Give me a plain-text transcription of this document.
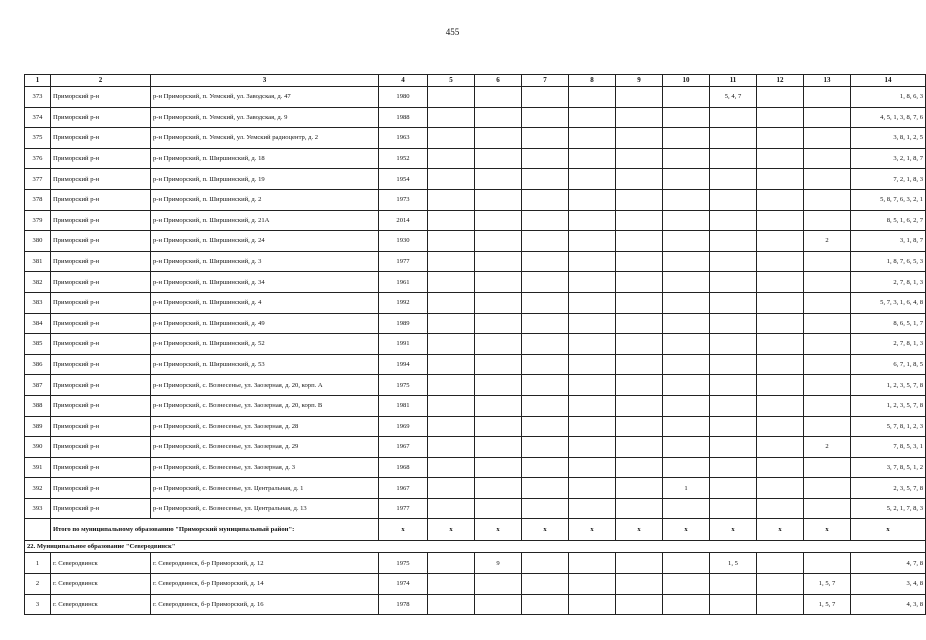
455
1	2	3	4	5	6	7	8	9	10	11	12	13	14
373	Приморский р-н	р-н Приморский, п. Уемский, ул. Заводская, д. 47	1980							5, 4, 7			1, 8, 6, 3
374	Приморский р-н	р-н Приморский, п. Уемский, ул. Заводская, д. 9	1988										4, 5, 1, 3, 8, 7, 6
375	Приморский р-н	р-н Приморский, п. Уемский, ул. Уемский радиоцентр, д. 2	1963										3, 8, 1, 2, 5
376	Приморский р-н	р-н Приморский, п. Ширшинский, д. 18	1952										3, 2, 1, 8, 7
377	Приморский р-н	р-н Приморский, п. Ширшинский, д. 19	1954										7, 2, 1, 8, 3
378	Приморский р-н	р-н Приморский, п. Ширшинский, д. 2	1973										5, 8, 7, 6, 3, 2, 1
379	Приморский р-н	р-н Приморский, п. Ширшинский, д. 21А	2014										8, 5, 1, 6, 2, 7
380	Приморский р-н	р-н Приморский, п. Ширшинский, д. 24	1930									2	3, 1, 8, 7
381	Приморский р-н	р-н Приморский, п. Ширшинский, д. 3	1977										1, 8, 7, 6, 5, 3
382	Приморский р-н	р-н Приморский, п. Ширшинский, д. 34	1961										2, 7, 8, 1, 3
383	Приморский р-н	р-н Приморский, п. Ширшинский, д. 4	1992										5, 7, 3, 1, 6, 4, 8
384	Приморский р-н	р-н Приморский, п. Ширшинский, д. 49	1989										8, 6, 5, 1, 7
385	Приморский р-н	р-н Приморский, п. Ширшинский, д. 52	1991										2, 7, 8, 1, 3
386	Приморский р-н	р-н Приморский, п. Ширшинский, д. 53	1994										6, 7, 1, 8, 5
387	Приморский р-н	р-н Приморский, с. Вознесенье, ул. Заозерная, д. 20, корп. А	1975										1, 2, 3, 5, 7, 8
388	Приморский р-н	р-н Приморский, с. Вознесенье, ул. Заозерная, д. 20, корп. В	1981										1, 2, 3, 5, 7, 8
389	Приморский р-н	р-н Приморский, с. Вознесенье, ул. Заозерная, д. 28	1969										5, 7, 8, 1, 2, 3
390	Приморский р-н	р-н Приморский, с. Вознесенье, ул. Заозерная, д. 29	1967									2	7, 8, 5, 3, 1
391	Приморский р-н	р-н Приморский, с. Вознесенье, ул. Заозерная, д. 3	1968										3, 7, 8, 5, 1, 2
392	Приморский р-н	р-н Приморский, с. Вознесенье, ул. Центральная, д. 1	1967						1				2, 3, 5, 7, 8
393	Приморский р-н	р-н Приморский, с. Вознесенье, ул. Центральная, д. 13	1977										5, 2, 1, 7, 8, 3
	Итого по муниципальному образованию "Приморский муниципальный район":		x	x	x	x	x	x	x	x	x	x	x
22. Муниципальное образование "Северодвинск"													
1	г. Северодвинск	г. Северодвинск, б-р Приморский, д. 12	1975		9					1, 5			4, 7, 8
2	г. Северодвинск	г. Северодвинск, б-р Приморский, д. 14	1974									1, 5, 7	3, 4, 8
3	г. Северодвинск	г. Северодвинск, б-р Приморский, д. 16	1978									1, 5, 7	4, 3, 8
